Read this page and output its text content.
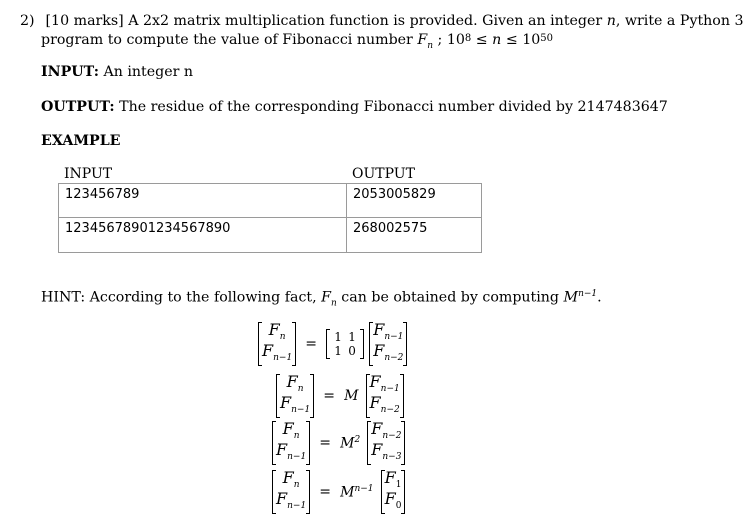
2) [10 marks] A 2x2 matrix multiplication function is provided. Given an integer n, write a Python 3
program to compute the value of Fibonacci number $F_n$ ; $10^8 \le n \le 10^{50}$
INPUT: An integer n
OUTPUT: The residue of the corresponding Fibonacci number divided by 2147483647
EXAMPLE
INPUT	OUTPUT
123456789	2053005829
12345678901234567890	268002575
HINT: According to the following fact, $F_n$ can be obtained by computing $M^{n-1}$.
$F_n$
$F_{n-1} = 1$ 1
1 0
$F_{n-1}$
$F_{n-2}$
$F_n$
$F_{n-1} = M$
$F_{n-1}$
$F_{n-2}$
$F_n$
$F_{n-1} = M^2$
$F_{n-2}$
$F_{n-3}$
$F_n$
$F_{n-1} = M^{n-1}$
$F_1$
$F_0$
